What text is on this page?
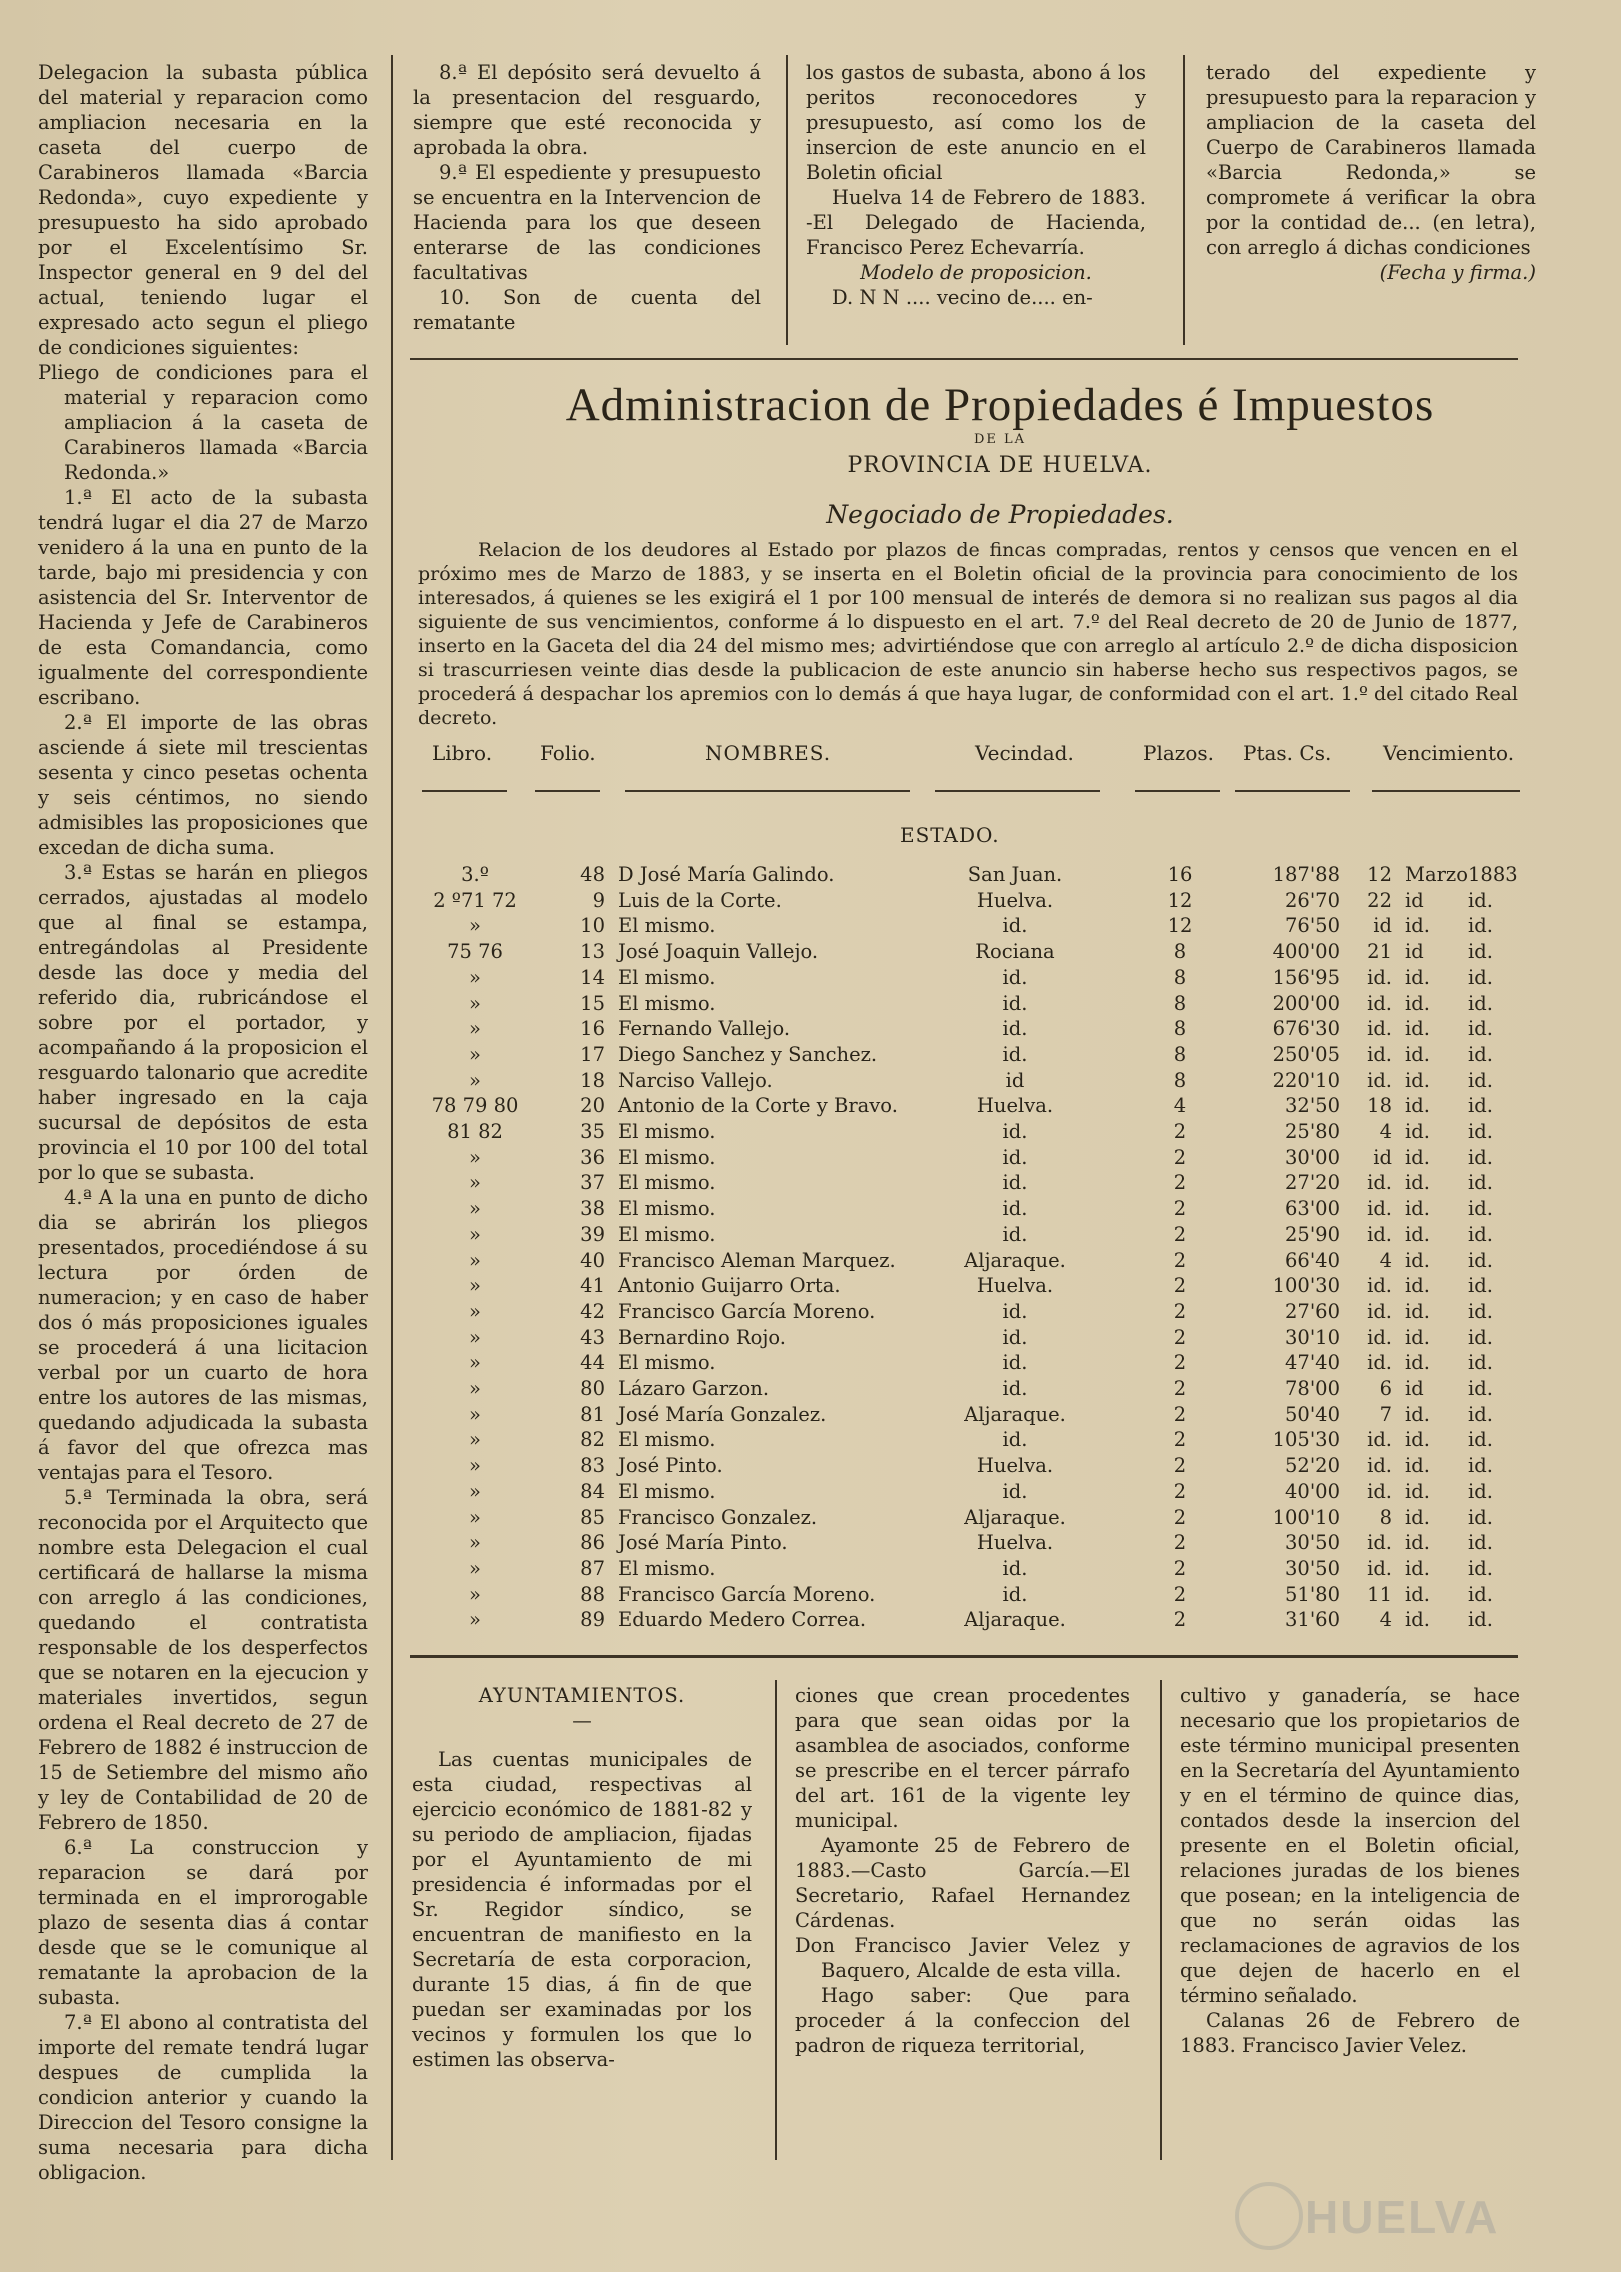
Delegacion la subasta pública del material y reparacion como ampliacion necesaria en la caseta del cuerpo de Carabineros llamada «Barcia Redonda», cuyo expediente y presupuesto ha sido aprobado por el Excelentísimo Sr. Inspector general en 9 del del actual, teniendo lugar el expresado acto segun el pliego de condiciones siguientes:

Pliego de condiciones para el material y reparacion como ampliacion á la caseta de Carabineros llamada «Barcia Redonda.»

1.ª El acto de la subasta tendrá lugar el dia 27 de Marzo venidero á la una en punto de la tarde, bajo mi presidencia y con asistencia del Sr. Interventor de Hacienda y Jefe de Carabineros de esta Comandancia, como igualmente del correspondiente escribano.

2.ª El importe de las obras asciende á siete mil trescientas sesenta y cinco pesetas ochenta y seis céntimos, no siendo admisibles las proposiciones que excedan de dicha suma.

3.ª Estas se harán en pliegos cerrados, ajustadas al modelo que al final se estampa, entregándolas al Presidente desde las doce y media del referido dia, rubricándose el sobre por el portador, y acompañando á la proposicion el resguardo talonario que acredite haber ingresado en la caja sucursal de depósitos de esta provincia el 10 por 100 del total por lo que se subasta.

4.ª A la una en punto de dicho dia se abrirán los pliegos presentados, procediéndose á su lectura por órden de numeracion; y en caso de haber dos ó más proposiciones iguales se procederá á una licitacion verbal por un cuarto de hora entre los autores de las mismas, quedando adjudicada la subasta á favor del que ofrezca mas ventajas para el Tesoro.

5.ª Terminada la obra, será reconocida por el Arquitecto que nombre esta Delegacion el cual certificará de hallarse la misma con arreglo á las condiciones, quedando el contratista responsable de los desperfectos que se notaren en la ejecucion y materiales invertidos, segun ordena el Real decreto de 27 de Febrero de 1882 é instruccion de 15 de Setiembre del mismo año y ley de Contabilidad de 20 de Febrero de 1850.

6.ª La construccion y reparacion se dará por terminada en el improrogable plazo de sesenta dias á contar desde que se le comunique al rematante la aprobacion de la subasta.

7.ª El abono al contratista del importe del remate tendrá lugar despues de cumplida la condicion anterior y cuando la Direccion del Tesoro consigne la suma necesaria para dicha obligacion.

8.ª El depósito será devuelto á la presentacion del resguardo, siempre que esté reconocida y aprobada la obra.

9.ª El espediente y presupuesto se encuentra en la Intervencion de Hacienda para los que deseen enterarse de las condiciones facultativas

10. Son de cuenta del rematante

los gastos de subasta, abono á los peritos reconocedores y presupuesto, así como los de insercion de este anuncio en el Boletin oficial

Huelva 14 de Febrero de 1883. -El Delegado de Hacienda, Francisco Perez Echevarría.

Modelo de proposicion.

D. N N .... vecino de.... en-

terado del expediente y presupuesto para la reparacion y ampliacion de la caseta del Cuerpo de Carabineros llamada «Barcia Redonda,» se compromete á verificar la obra por la contidad de... (en letra), con arreglo á dichas condiciones

(Fecha y firma.)

Administracion de Propiedades é Impuestos
DE LA
PROVINCIA DE HUELVA.
Negociado de Propiedades.
Relacion de los deudores al Estado por plazos de fincas compradas, rentos y censos que vencen en el próximo mes de Marzo de 1883, y se inserta en el Boletin oficial de la provincia para conocimiento de los interesados, á quienes se les exigirá el 1 por 100 mensual de interés de demora si no realizan sus pagos al dia siguiente de sus vencimientos, conforme á lo dispuesto en el art. 7.º del Real decreto de 20 de Junio de 1877, inserto en la Gaceta del dia 24 del mismo mes; advirtiéndose que con arreglo al artículo 2.º de dicha disposicion si trascurriesen veinte dias desde la publicacion de este anuncio sin haberse hecho sus respectivos pagos, se procederá á despachar los apremios con lo demás á que haya lugar, de conformidad con el art. 1.º del citado Real decreto.
Libro. Folio.	NOMBRES.	Vecindad.	Plazos. Ptas. Cs.	Vencimiento.
ESTADO.
3.º	48 D José María Galindo.	San Juan.	16	187'88	12 Marzo 1883
2 º71 72	9 Luis de la Corte.	Huelva.	12	26'70	22 id	id.
»	10 El mismo.	id.	12	76'50	id id.	id.
75 76	13 José Joaquin Vallejo.	Rociana	8	400'00	21 id	id.
»	14 El mismo.	id.	8	156'95	id. id.	id.
»	15 El mismo.	id.	8	200'00	id. id.	id.
»	16 Fernando Vallejo.	id.	8	676'30	id. id.	id.
»	17 Diego Sanchez y Sanchez.	id.	8	250'05	id. id.	id.
»	18 Narciso Vallejo.	id	8	220'10	id. id.	id.
78 79 80	20 Antonio de la Corte y Bravo.	Huelva.	4	32'50	18 id.	id.
81 82	35 El mismo.	id.	2	25'80	4 id.	id.
»	36 El mismo.	id.	2	30'00	id id.	id.
»	37 El mismo.	id.	2	27'20	id. id.	id.
»	38 El mismo.	id.	2	63'00	id. id.	id.
»	39 El mismo.	id.	2	25'90	id. id.	id.
»	40 Francisco Aleman Marquez.	Aljaraque.	2	66'40	4 id.	id.
»	41 Antonio Guijarro Orta.	Huelva.	2	100'30	id. id.	id.
»	42 Francisco García Moreno.	id.	2	27'60	id. id.	id.
»	43 Bernardino Rojo.	id.	2	30'10	id. id.	id.
»	44 El mismo.	id.	2	47'40	id. id.	id.
»	80 Lázaro Garzon.	id.	2	78'00	6 id	id.
»	81 José María Gonzalez.	Aljaraque.	2	50'40	7 id.	id.
»	82 El mismo.	id.	2	105'30	id. id.	id.
»	83 José Pinto.	Huelva.	2	52'20	id. id.	id.
»	84 El mismo.	id.	2	40'00	id. id.	id.
»	85 Francisco Gonzalez.	Aljaraque.	2	100'10	8 id.	id.
»	86 José María Pinto.	Huelva.	2	30'50	id. id.	id.
»	87 El mismo.	id.	2	30'50	id. id.	id.
»	88 Francisco García Moreno.	id.	2	51'80	11 id.	id.
»	89 Eduardo Medero Correa.	Aljaraque.	2	31'60	4 id.	id.

AYUNTAMIENTOS.

—

Las cuentas municipales de esta ciudad, respectivas al ejercicio económico de 1881-82 y su periodo de ampliacion, fijadas por el Ayuntamiento de mi presidencia é informadas por el Sr. Regidor síndico, se encuentran de manifiesto en la Secretaría de esta corporacion, durante 15 dias, á fin de que puedan ser examinadas por los vecinos y formulen los que lo estimen las observa-

ciones que crean procedentes para que sean oidas por la asamblea de asociados, conforme se prescribe en el tercer párrafo del art. 161 de la vigente ley municipal.

Ayamonte 25 de Febrero de 1883.—Casto García.—El Secretario, Rafael Hernandez Cárdenas.

Don Francisco Javier Velez y Baquero, Alcalde de esta villa.

Hago saber: Que para proceder á la confeccion del padron de riqueza territorial,

cultivo y ganadería, se hace necesario que los propietarios de este término municipal presenten en la Secretaría del Ayuntamiento y en el término de quince dias, contados desde la insercion del presente en el Boletin oficial, relaciones juradas de los bienes que posean; en la inteligencia de que no serán oidas las reclamaciones de agravios de los que dejen de hacerlo en el término señalado.

Calanas 26 de Febrero de 1883. Francisco Javier Velez.

HUELVA
